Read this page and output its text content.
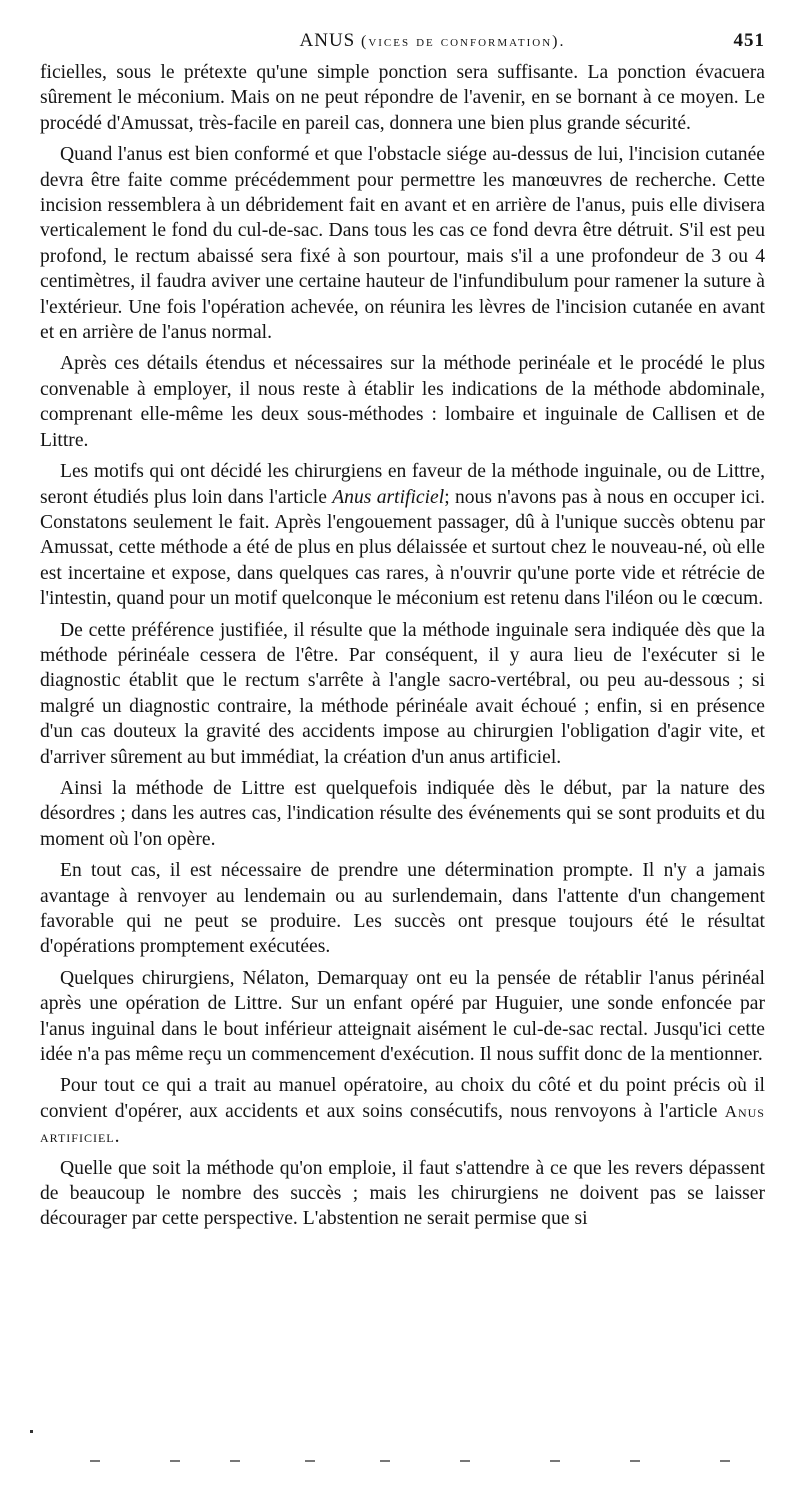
ANUS (vices de conformation).	451

ficielles, sous le prétexte qu'une simple ponction sera suffisante. La ponction évacuera sûrement le méconium. Mais on ne peut répondre de l'avenir, en se bornant à ce moyen. Le procédé d'Amussat, très-facile en pareil cas, donnera une bien plus grande sécurité.

Quand l'anus est bien conformé et que l'obstacle siége au-dessus de lui, l'incision cutanée devra être faite comme précédemment pour permettre les manœuvres de recherche. Cette incision ressemblera à un débridement fait en avant et en arrière de l'anus, puis elle divisera verticalement le fond du cul-de-sac. Dans tous les cas ce fond devra être détruit. S'il est peu profond, le rectum abaissé sera fixé à son pourtour, mais s'il a une profondeur de 3 ou 4 centimètres, il faudra aviver une certaine hauteur de l'infundibulum pour ramener la suture à l'extérieur. Une fois l'opération achevée, on réunira les lèvres de l'incision cutanée en avant et en arrière de l'anus normal.

Après ces détails étendus et nécessaires sur la méthode perinéale et le procédé le plus convenable à employer, il nous reste à établir les indications de la méthode abdominale, comprenant elle-même les deux sous-méthodes : lombaire et inguinale de Callisen et de Littre.

Les motifs qui ont décidé les chirurgiens en faveur de la méthode inguinale, ou de Littre, seront étudiés plus loin dans l'article Anus artificiel; nous n'avons pas à nous en occuper ici. Constatons seulement le fait. Après l'engouement passager, dû à l'unique succès obtenu par Amussat, cette méthode a été de plus en plus délaissée et surtout chez le nouveau-né, où elle est incertaine et expose, dans quelques cas rares, à n'ouvrir qu'une porte vide et rétrécie de l'intestin, quand pour un motif quelconque le méconium est retenu dans l'iléon ou le cœcum.

De cette préférence justifiée, il résulte que la méthode inguinale sera indiquée dès que la méthode périnéale cessera de l'être. Par conséquent, il y aura lieu de l'exécuter si le diagnostic établit que le rectum s'arrête à l'angle sacro-vertébral, ou peu au-dessous ; si malgré un diagnostic contraire, la méthode périnéale avait échoué ; enfin, si en présence d'un cas douteux la gravité des accidents impose au chirurgien l'obligation d'agir vite, et d'arriver sûrement au but immédiat, la création d'un anus artificiel.

Ainsi la méthode de Littre est quelquefois indiquée dès le début, par la nature des désordres ; dans les autres cas, l'indication résulte des événements qui se sont produits et du moment où l'on opère.

En tout cas, il est nécessaire de prendre une détermination prompte. Il n'y a jamais avantage à renvoyer au lendemain ou au surlendemain, dans l'attente d'un changement favorable qui ne peut se produire. Les succès ont presque toujours été le résultat d'opérations promptement exécutées.

Quelques chirurgiens, Nélaton, Demarquay ont eu la pensée de rétablir l'anus périnéal après une opération de Littre. Sur un enfant opéré par Huguier, une sonde enfoncée par l'anus inguinal dans le bout inférieur atteignait aisément le cul-de-sac rectal. Jusqu'ici cette idée n'a pas même reçu un commencement d'exécution. Il nous suffit donc de la mentionner.

Pour tout ce qui a trait au manuel opératoire, au choix du côté et du point précis où il convient d'opérer, aux accidents et aux soins consécutifs, nous renvoyons à l'article Anus artificiel.

Quelle que soit la méthode qu'on emploie, il faut s'attendre à ce que les revers dépassent de beaucoup le nombre des succès ; mais les chirurgiens ne doivent pas se laisser décourager par cette perspective. L'abstention ne serait permise que si
